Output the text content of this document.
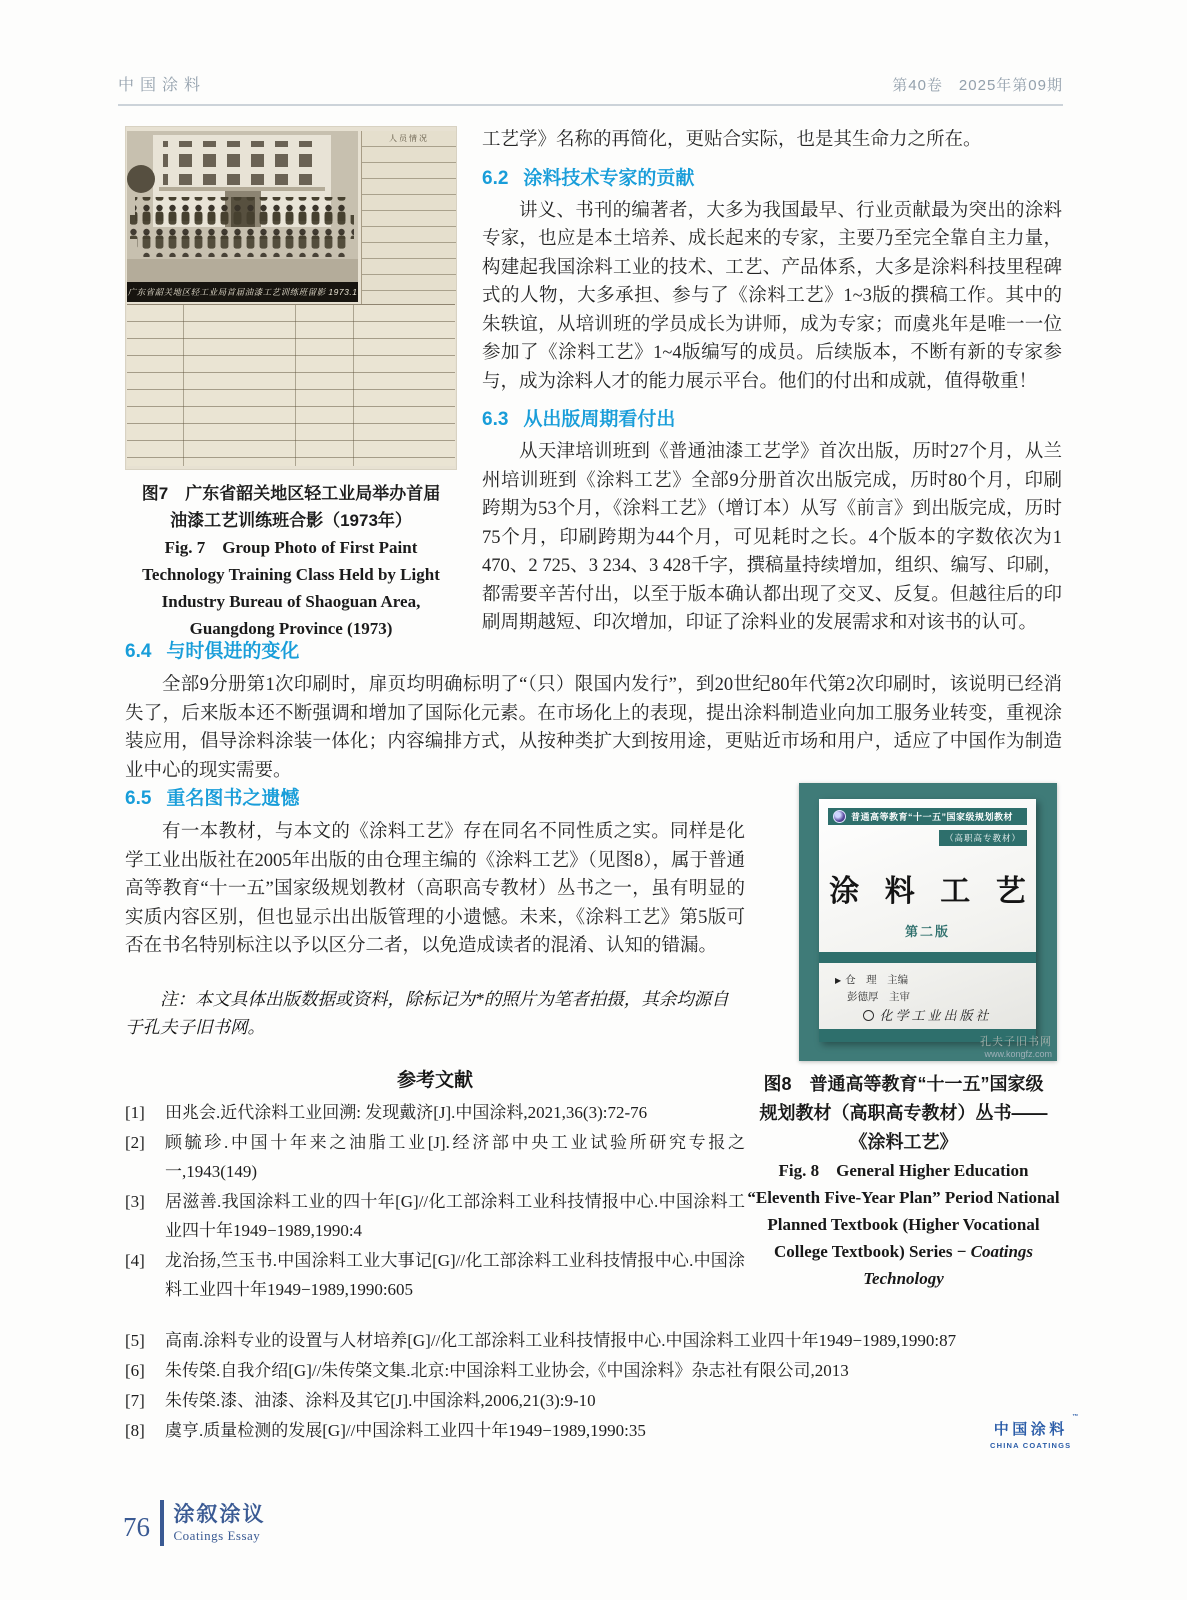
中国涂料	第40卷　2025年第09期
广东省韶关地区轻工业局首届油漆工艺训练班留影 1973.1
人员情况
图7　广东省韶关地区轻工业局举办首届
油漆工艺训练班合影（1973年）
Fig. 7　Group Photo of First Paint Technology Training Class Held by Light Industry Bureau of Shaoguan Area, Guangdong Province (1973)

工艺学》名称的再简化，更贴合实际，也是其生命力之所在。

6.2 涂料技术专家的贡献

讲义、书刊的编著者，大多为我国最早、行业贡献最为突出的涂料专家，也应是本土培养、成长起来的专家，主要乃至完全靠自主力量，构建起我国涂料工业的技术、工艺、产品体系，大多是涂料科技里程碑式的人物，大多承担、参与了《涂料工艺》1~3版的撰稿工作。其中的朱轶谊，从培训班的学员成长为讲师，成为专家；而虞兆年是唯一一位参加了《涂料工艺》1~4版编写的成员。后续版本，不断有新的专家参与，成为涂料人才的能力展示平台。他们的付出和成就，值得敬重！

6.3 从出版周期看付出

从天津培训班到《普通油漆工艺学》首次出版，历时27个月，从兰州培训班到《涂料工艺》全部9分册首次出版完成，历时80个月，印刷跨期为53个月，《涂料工艺》（增订本）从写《前言》到出版完成，历时75个月，印刷跨期为44个月，可见耗时之长。4个版本的字数依次为1 470、2 725、3 234、3 428千字，撰稿量持续增加，组织、编写、印刷，都需要辛苦付出，以至于版本确认都出现了交叉、反复。但越往后的印刷周期越短、印次增加，印证了涂料业的发展需求和对该书的认可。

6.4 与时俱进的变化

全部9分册第1次印刷时，扉页均明确标明了“（只）限国内发行”，到20世纪80年代第2次印刷时，该说明已经消失了，后来版本还不断强调和增加了国际化元素。在市场化上的表现，提出涂料制造业向加工服务业转变，重视涂装应用，倡导涂料涂装一体化；内容编排方式，从按种类扩大到按用途，更贴近市场和用户，适应了中国作为制造业中心的现实需要。

6.5 重名图书之遗憾

有一本教材，与本文的《涂料工艺》存在同名不同性质之实。同样是化学工业出版社在2005年出版的由仓理主编的《涂料工艺》（见图8），属于普通高等教育“十一五”国家级规划教材（高职高专教材）丛书之一，虽有明显的实质内容区别，但也显示出出版管理的小遗憾。未来，《涂料工艺》第5版可否在书名特别标注以予以区分二者，以免造成读者的混淆、认知的错漏。

注：本文具体出版数据或资料，除标记为*的照片为笔者拍摄，其余均源自于孔夫子旧书网。

参考文献
[1]	田兆会.近代涂料工业回溯: 发现戴济[J].中国涂料,2021,36(3):72-76
[2]	顾毓珍.中国十年来之油脂工业[J].经济部中央工业试验所研究专报之一,1943(149)
[3]	居滋善.我国涂料工业的四十年[G]//化工部涂料工业科技情报中心.中国涂料工业四十年1949−1989,1990:4
[4]	龙治扬,竺玉书.中国涂料工业大事记[G]//化工部涂料工业科技情报中心.中国涂料工业四十年1949−1989,1990:605
普通高等教育“十一五”国家级规划教材
（高职高专教材）
涂 料 工 艺
第二版
▶ 仓　理　主编
彭德厚　主审
化学工业出版社
孔夫子旧书网
www.kongfz.com
图8　普通高等教育“十一五”国家级
规划教材（高职高专教材）丛书——
《涂料工艺》
Fig. 8　General Higher Education “Eleventh Five-Year Plan” Period National Planned Textbook (Higher Vocational College Textbook) Series − Coatings Technology
[5]	高南.涂料专业的设置与人材培养[G]//化工部涂料工业科技情报中心.中国涂料工业四十年1949−1989,1990:87
[6]	朱传棨.自我介绍[G]//朱传棨文集.北京:中国涂料工业协会,《中国涂料》杂志社有限公司,2013
[7]	朱传棨.漆、油漆、涂料及其它[J].中国涂料,2006,21(3):9-10
[8]	虞亨.质量检测的发展[G]//中国涂料工业四十年1949−1989,1990:35	中国涂料
™
CHINA COATINGS
76 涂叙涂议
Coatings Essay
